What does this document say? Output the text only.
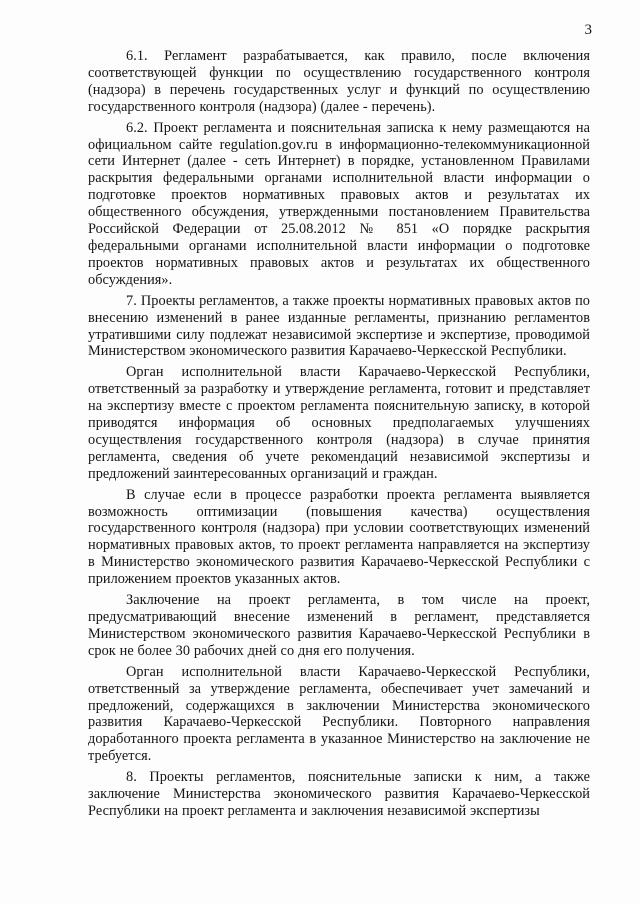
3

6.1. Регламент разрабатывается, как правило, после включения соответствующей функции по осуществлению государственного контроля (надзора) в перечень государственных услуг и функций по осуществлению государственного контроля (надзора) (далее - перечень).

6.2. Проект регламента и пояснительная записка к нему размещаются на официальном сайте regulation.gov.ru в информационно-телекоммуникационной сети Интернет (далее - сеть Интернет) в порядке, установленном Правилами раскрытия федеральными органами исполнительной власти информации о подготовке проектов нормативных правовых актов и результатах их общественного обсуждения, утвержденными постановлением Правительства Российской Федерации от 25.08.2012 № 851 «О порядке раскрытия федеральными органами исполнительной власти информации о подготовке проектов нормативных правовых актов и результатах их общественного обсуждения».

7. Проекты регламентов, а также проекты нормативных правовых актов по внесению изменений в ранее изданные регламенты, признанию регламентов утратившими силу подлежат независимой экспертизе и экспертизе, проводимой Министерством экономического развития Карачаево-Черкесской Республики.

Орган исполнительной власти Карачаево-Черкесской Республики, ответственный за разработку и утверждение регламента, готовит и представляет на экспертизу вместе с проектом регламента пояснительную записку, в которой приводятся информация об основных предполагаемых улучшениях осуществления государственного контроля (надзора) в случае принятия регламента, сведения об учете рекомендаций независимой экспертизы и предложений заинтересованных организаций и граждан.

В случае если в процессе разработки проекта регламента выявляется возможность оптимизации (повышения качества) осуществления государственного контроля (надзора) при условии соответствующих изменений нормативных правовых актов, то проект регламента направляется на экспертизу в Министерство экономического развития Карачаево-Черкесской Республики с приложением проектов указанных актов.

Заключение на проект регламента, в том числе на проект, предусматривающий внесение изменений в регламент, представляется Министерством экономического развития Карачаево-Черкесской Республики в срок не более 30 рабочих дней со дня его получения.

Орган исполнительной власти Карачаево-Черкесской Республики, ответственный за утверждение регламента, обеспечивает учет замечаний и предложений, содержащихся в заключении Министерства экономического развития Карачаево-Черкесской Республики. Повторного направления доработанного проекта регламента в указанное Министерство на заключение не требуется.

8. Проекты регламентов, пояснительные записки к ним, а также заключение Министерства экономического развития Карачаево-Черкесской Республики на проект регламента и заключения независимой экспертизы
